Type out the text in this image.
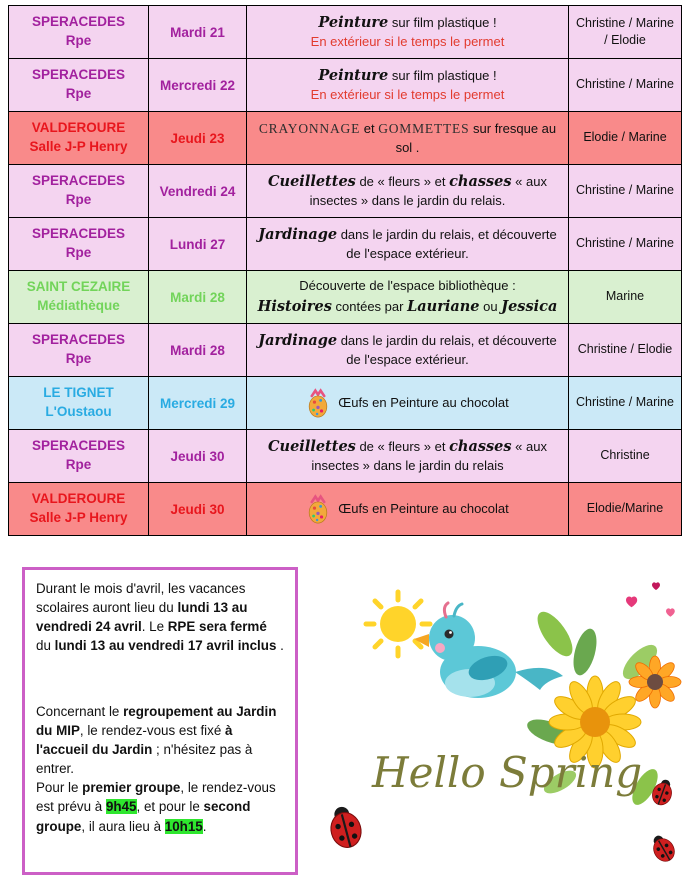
SPERACEDES
Rpe
	Mardi 21	
Peinture sur film plastique !
En extérieur si le temps le permet
	Christine / Marine / Elodie

SPERACEDES
Rpe
	Mercredi 22	
Peinture sur film plastique !
En extérieur si le temps le permet
	Christine / Marine

VALDEROURE
Salle J-P Henry	Jeudi 23	CRAYONNAGE et GOMMETTES sur fresque au sol .	Elodie / Marine

SPERACEDES
Rpe	Vendredi 24	Cueillettes de « fleurs » et chasses « aux insectes » dans le jardin du relais.	Christine / Marine

SPERACEDES
Rpe	Lundi 27	Jardinage dans le jardin du relais, et découverte de l'espace extérieur.	Christine / Marine

SAINT CEZAIRE
Médiathèque
	Mardi 28	
Découverte de l'espace bibliothèque :
Histoires contées par Lauriane ou Jessica
	Marine

SPERACEDES
Rpe	Mardi 28	Jardinage dans le jardin du relais, et découverte de l'espace extérieur.	Christine / Elodie

LE TIGNET
L'Oustaou	Mercredi 29	Œufs en Peinture au chocolat	Christine / Marine

SPERACEDES
Rpe	Jeudi 30	Cueillettes de « fleurs » et chasses « aux insectes » dans le jardin du relais	Christine

VALDEROURE
Salle J-P Henry	Jeudi 30	Œufs en Peinture au chocolat	Elodie/Marine

Durant le mois d'avril, les vacances scolaires auront lieu du lundi 13 au vendredi 24 avril. Le RPE sera fermé du lundi 13 au vendredi 17 avril inclus .

Concernant le regroupement au Jardin du MIP, le rendez-vous est fixé à l'accueil du Jardin ; n'hésitez pas à entrer.

Pour le premier groupe, le rendez-vous est prévu à 9h45, et pour le second groupe, il aura lieu à 10h15.

Hello Spring
